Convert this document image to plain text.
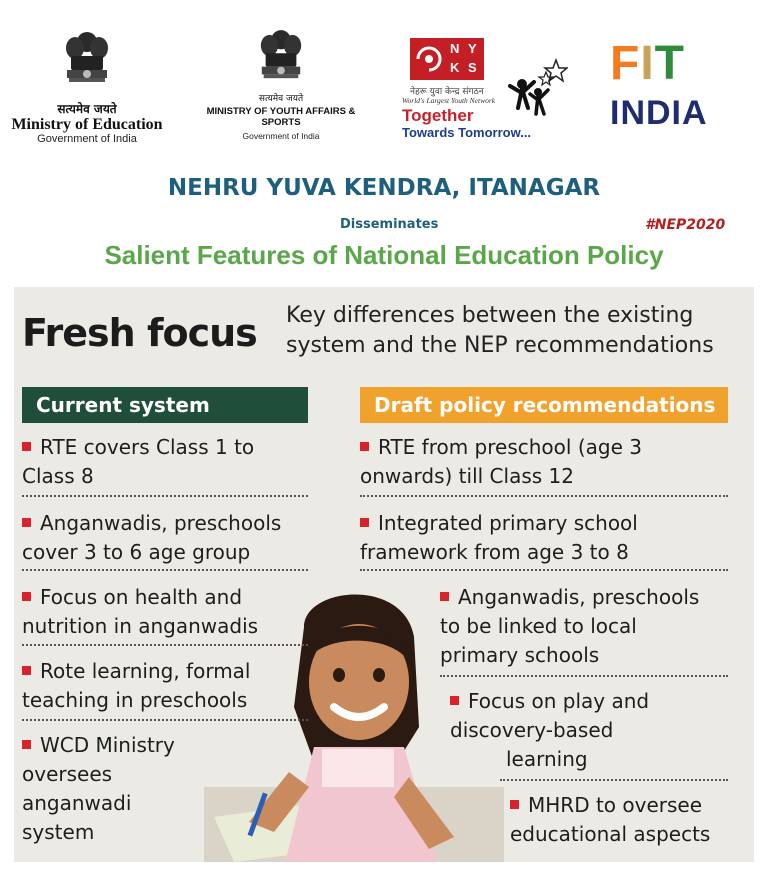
सत्यमेव जयते
Ministry of Education
Government of India
सत्यमेव जयते
MINISTRY OF YOUTH AFFAIRS & SPORTS
Government of India
N Y
K S
नेहरू युवा केन्द्र संगठन
World's Largest Youth Network
Together
Towards Tomorrow...
FIT
INDIA
NEHRU YUVA KENDRA, ITANAGAR
Disseminates	#NEP2020
Salient Features of National Education Policy
Fresh focus Key differences between the existing
system and the NEP recommendations
Current system	Draft policy recommendations
RTE covers Class 1 to
Class 8
Anganwadis, preschools
cover 3 to 6 age group
Focus on health and
nutrition in anganwadis
Rote learning, formal
teaching in preschools
WCD Ministry
oversees
anganwadi
system
RTE from preschool (age 3
onwards) till Class 12
Integrated primary school
framework from age 3 to 8
Anganwadis, preschools
to be linked to local
primary schools
Focus on play and
discovery-based
learning
MHRD to oversee
educational aspects
